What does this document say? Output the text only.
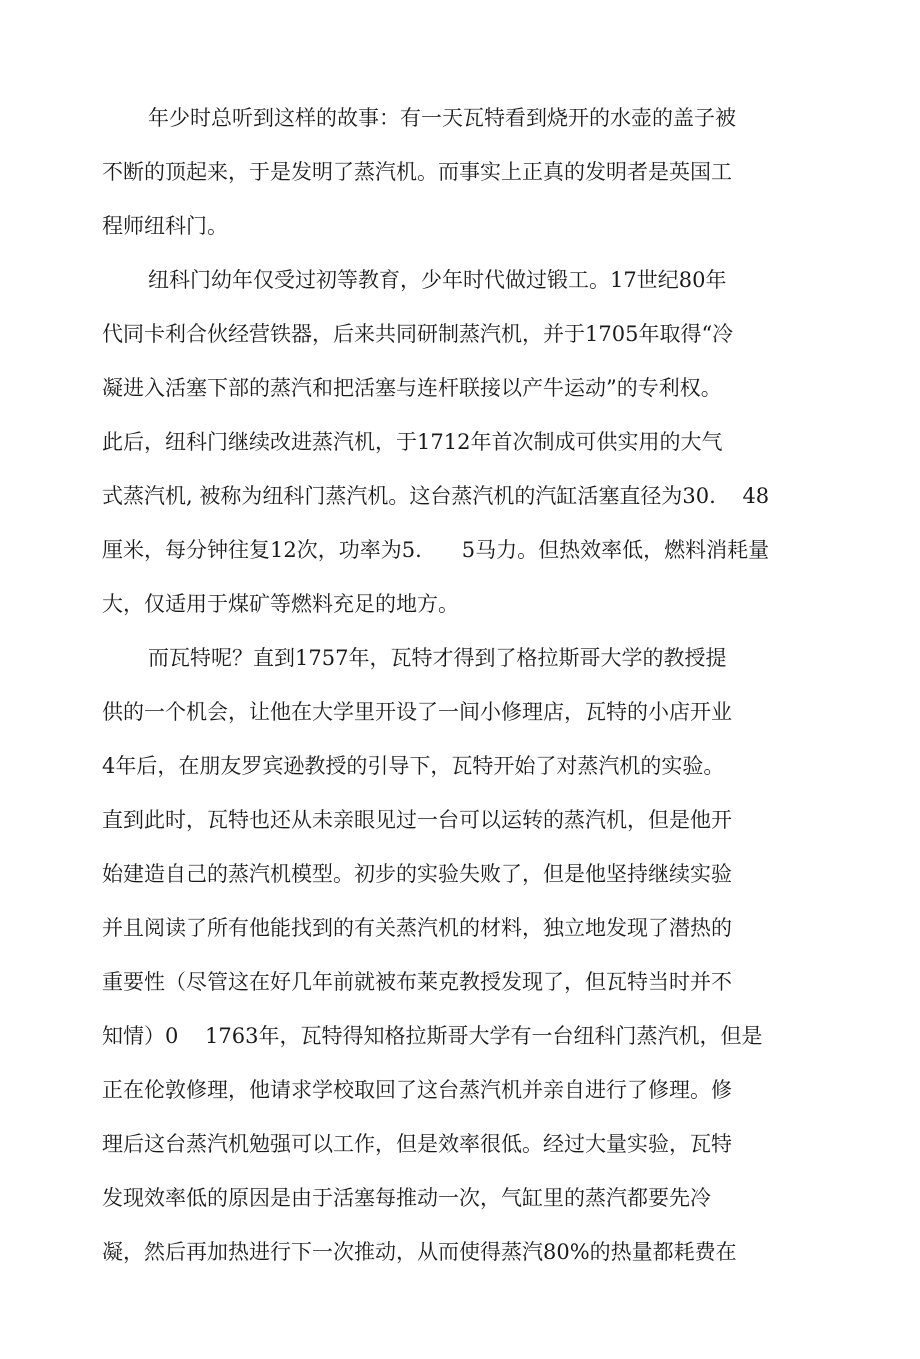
年少时总听到这样的故事：有一天瓦特看到烧开的水壶的盖子被

不断的顶起来，于是发明了蒸汽机。而事实上正真的发明者是英国工

程师纽科门。

纽科门幼年仅受过初等教育，少年时代做过锻工。17世纪80年

代同卡利合伙经营铁器，后来共同研制蒸汽机，并于1705年取得“冷

凝进入活塞下部的蒸汽和把活塞与连杆联接以产牛运动”的专利权。

此后，纽科门继续改进蒸汽机，于1712年首次制成可供实用的大气

式蒸汽机, 被称为纽科门蒸汽机。这台蒸汽机的汽缸活塞直径为30.    48

厘米，每分钟往复12次，功率为5.      5马力。但热效率低，燃料消耗量

大，仅适用于煤矿等燃料充足的地方。

而瓦特呢？直到1757年，瓦特才得到了格拉斯哥大学的教授提

供的一个机会，让他在大学里开设了一间小修理店，瓦特的小店开业

4年后，在朋友罗宾逊教授的引导下，瓦特开始了对蒸汽机的实验。

直到此时，瓦特也还从未亲眼见过一台可以运转的蒸汽机，但是他开

始建造自己的蒸汽机模型。初步的实验失败了，但是他坚持继续实验

并且阅读了所有他能找到的有关蒸汽机的材料，独立地发现了潜热的

重要性（尽管这在好几年前就被布莱克教授发现了，但瓦特当时并不

知情）0    1763年，瓦特得知格拉斯哥大学有一台纽科门蒸汽机，但是

正在伦敦修理，他请求学校取回了这台蒸汽机并亲自进行了修理。修

理后这台蒸汽机勉强可以工作，但是效率很低。经过大量实验，瓦特

发现效率低的原因是由于活塞每推动一次，气缸里的蒸汽都要先冷

凝，然后再加热进行下一次推动，从而使得蒸汽80%的热量都耗费在
